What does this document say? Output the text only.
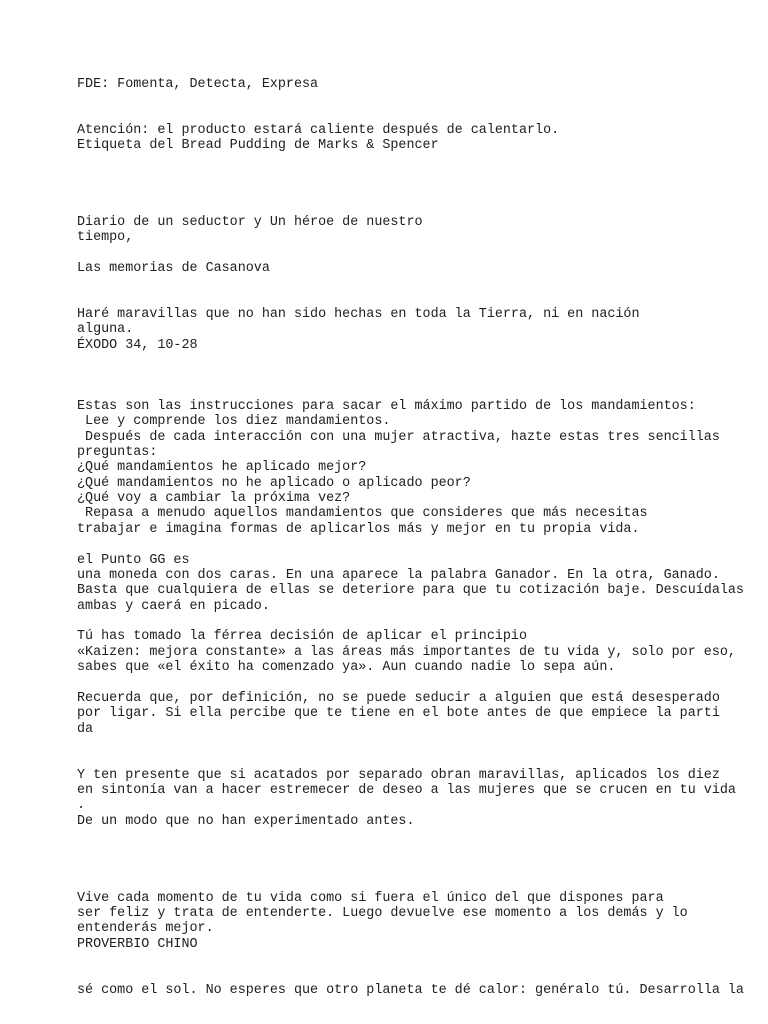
FDE: Fomenta, Detecta, Expresa

Atención: el producto estará caliente después de calentarlo.

Etiqueta del Bread Pudding de Marks & Spencer

Diario de un seductor y Un héroe de nuestro

tiempo,

Las memorias de Casanova

Haré maravillas que no han sido hechas en toda la Tierra, ni en nación

alguna.

ÉXODO 34, 10-28

Estas son las instrucciones para sacar el máximo partido de los mandamientos:

Lee y comprende los diez mandamientos.

Después de cada interacción con una mujer atractiva, hazte estas tres sencillas

preguntas:

¿Qué mandamientos he aplicado mejor?

¿Qué mandamientos no he aplicado o aplicado peor?

¿Qué voy a cambiar la próxima vez?

Repasa a menudo aquellos mandamientos que consideres que más necesitas

trabajar e imagina formas de aplicarlos más y mejor en tu propia vida.

el Punto GG es

una moneda con dos caras. En una aparece la palabra Ganador. En la otra, Ganado.

Basta que cualquiera de ellas se deteriore para que tu cotización baje. Descuídalas

ambas y caerá en picado.

Tú has tomado la férrea decisión de aplicar el principio

«Kaizen: mejora constante» a las áreas más importantes de tu vida y, solo por eso,

sabes que «el éxito ha comenzado ya». Aun cuando nadie lo sepa aún.

Recuerda que, por definición, no se puede seducir a alguien que está desesperado

por ligar. Si ella percibe que te tiene en el bote antes de que empiece la parti

da

Y ten presente que si acatados por separado obran maravillas, aplicados los diez

en sintonía van a hacer estremecer de deseo a las mujeres que se crucen en tu vida

.

De un modo que no han experimentado antes.

Vive cada momento de tu vida como si fuera el único del que dispones para

ser feliz y trata de entenderte. Luego devuelve ese momento a los demás y lo

entenderás mejor.

PROVERBIO CHINO

sé como el sol. No esperes que otro planeta te dé calor: genéralo tú. Desarrolla la
